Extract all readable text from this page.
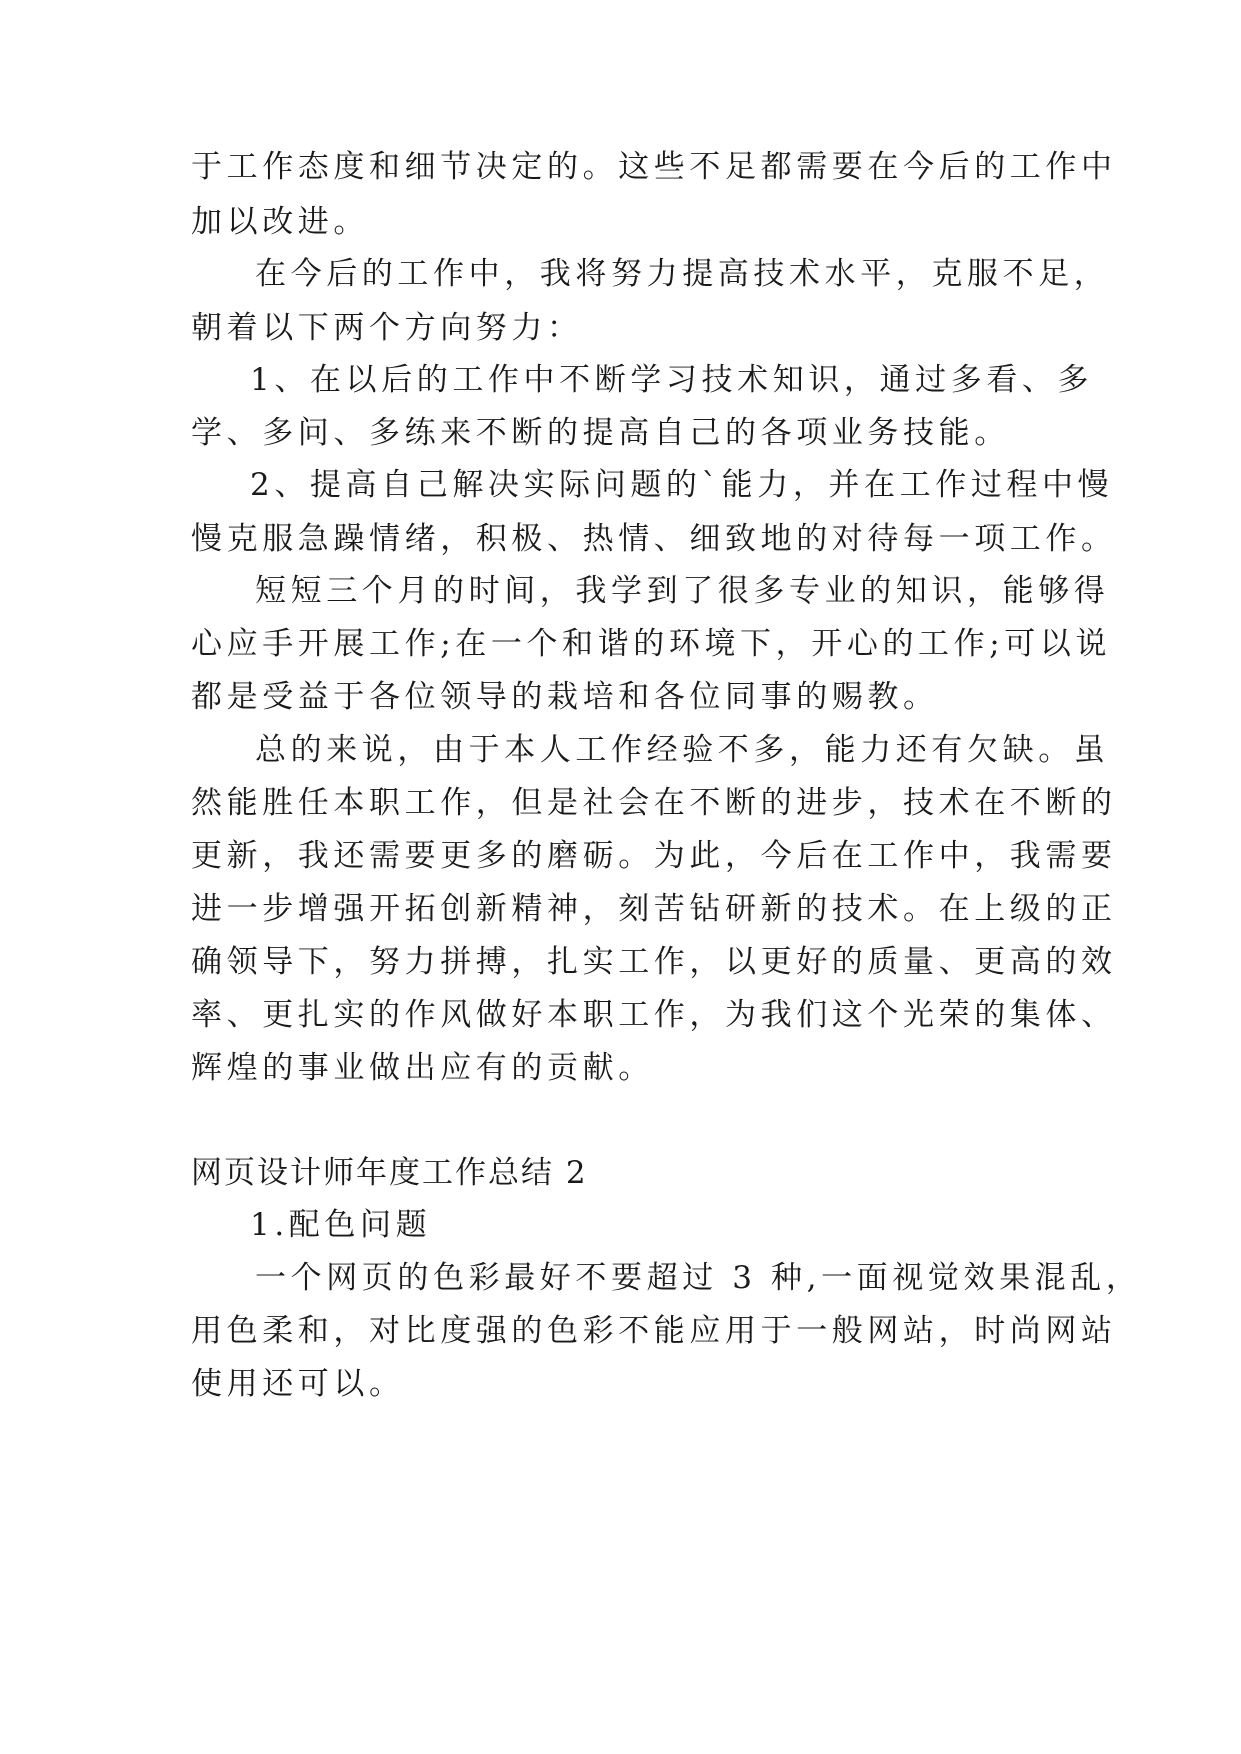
于工作态度和细节决定的。这些不足都需要在今后的工作中
加以改进。
在今后的工作中，我将努力提高技术水平，克服不足，
朝着以下两个方向努力：
1、在以后的工作中不断学习技术知识，通过多看、多
学、多问、多练来不断的提高自己的各项业务技能。
2、提高自己解决实际问题的`能力，并在工作过程中慢
慢克服急躁情绪，积极、热情、细致地的对待每一项工作。
短短三个月的时间，我学到了很多专业的知识，能够得
心应手开展工作;在一个和谐的环境下，开心的工作;可以说
都是受益于各位领导的栽培和各位同事的赐教。
总的来说，由于本人工作经验不多，能力还有欠缺。虽
然能胜任本职工作，但是社会在不断的进步，技术在不断的
更新，我还需要更多的磨砺。为此，今后在工作中，我需要
进一步增强开拓创新精神，刻苦钻研新的技术。在上级的正
确领导下，努力拼搏，扎实工作，以更好的质量、更高的效
率、更扎实的作风做好本职工作，为我们这个光荣的集体、
辉煌的事业做出应有的贡献。
网页设计师年度工作总结 2
1.配色问题
一个网页的色彩最好不要超过 3 种,一面视觉效果混乱，
用色柔和，对比度强的色彩不能应用于一般网站，时尚网站
使用还可以。
